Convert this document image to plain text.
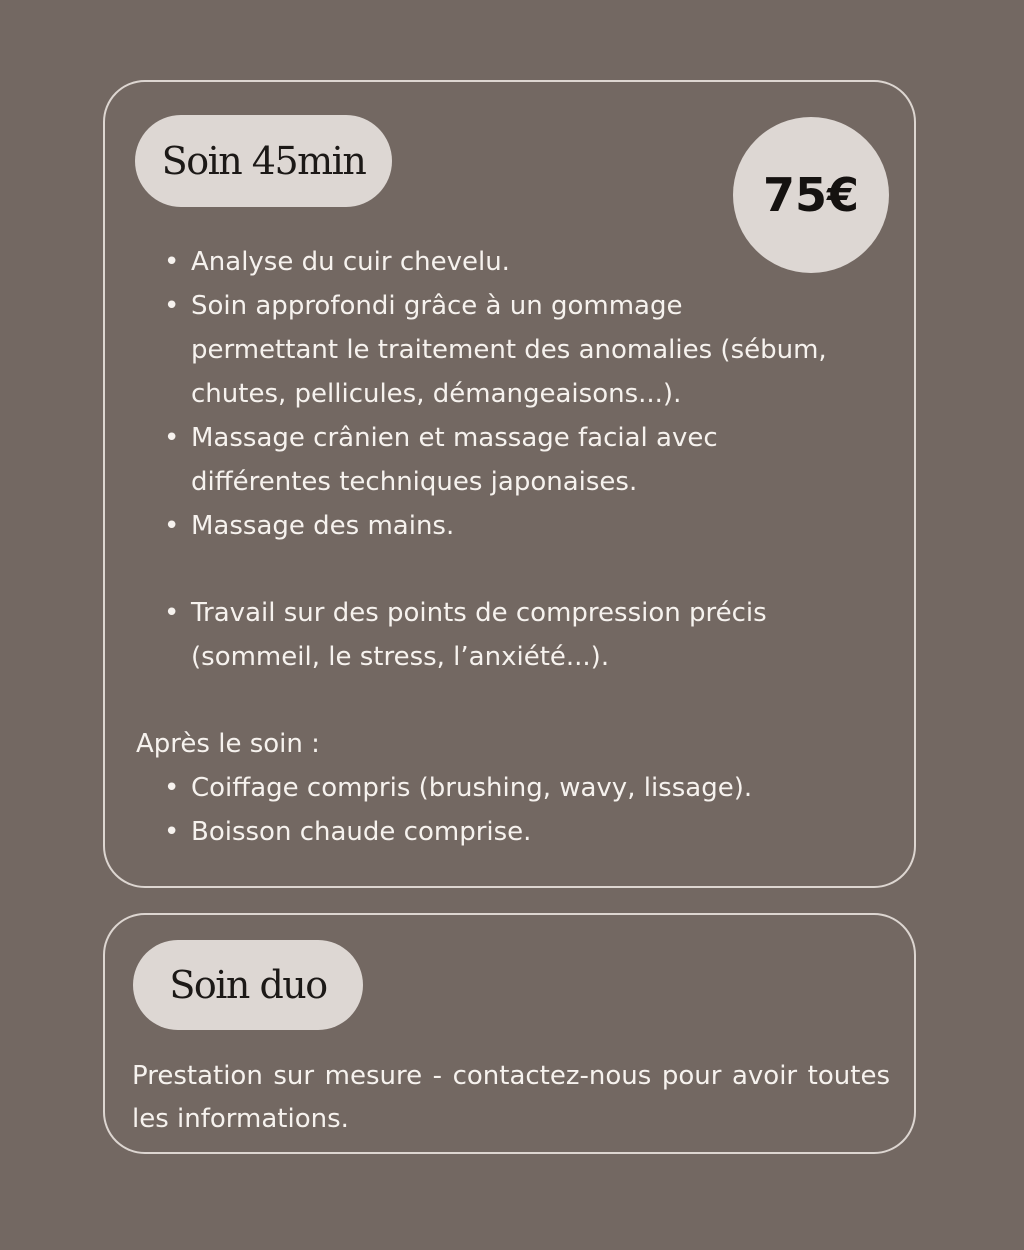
Soin 45min
75€
• Analyse du cuir chevelu.
• Soin approfondi grâce à un gommage permettant le traitement des anomalies (sébum, chutes, pellicules, démangeaisons...).
• Massage crânien et massage facial avec différentes techniques japonaises.
• Massage des mains.
• Travail sur des points de compression précis (sommeil, le stress, l’anxiété...).
Après le soin :
• Coiffage compris (brushing, wavy, lissage).
• Boisson chaude comprise.
Soin duo
Prestation sur mesure - contactez-nous pour avoir toutes les informations.
